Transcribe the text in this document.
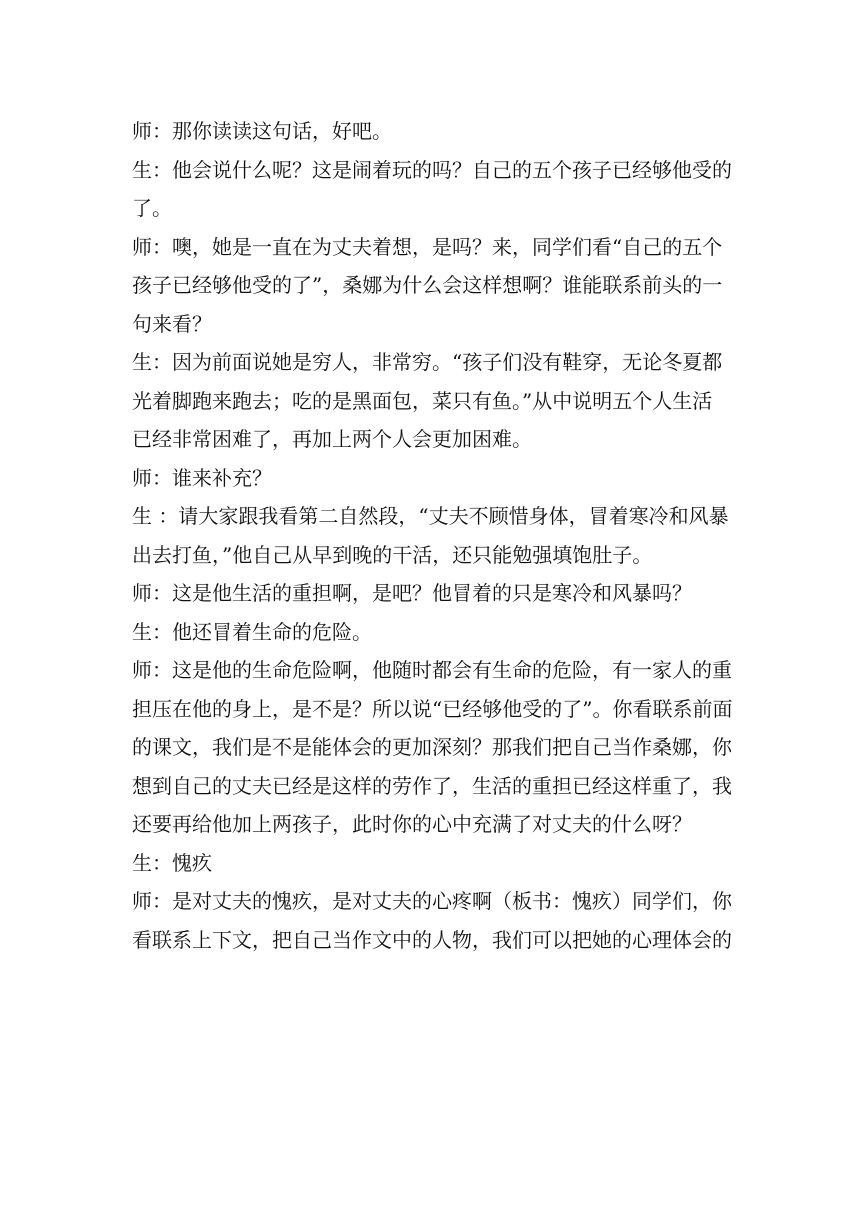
师：那你读读这句话，好吧。

生：他会说什么呢？这是闹着玩的吗？自己的五个孩子已经够他受的

了。

师：噢，她是一直在为丈夫着想，是吗？来，同学们看“自己的五个

孩子已经够他受的了”，桑娜为什么会这样想啊？谁能联系前头的一

句来看？

生：因为前面说她是穷人，非常穷。“孩子们没有鞋穿，无论冬夏都

光着脚跑来跑去；吃的是黑面包，菜只有鱼。”从中说明五个人生活

已经非常困难了，再加上两个人会更加困难。

师：谁来补充？

生 ：请大家跟我看第二自然段，“丈夫不顾惜身体，冒着寒冷和风暴

出去打鱼，”他自己从早到晚的干活，还只能勉强填饱肚子。

师：这是他生活的重担啊，是吧？他冒着的只是寒冷和风暴吗？

生：他还冒着生命的危险。

师：这是他的生命危险啊，他随时都会有生命的危险，有一家人的重

担压在他的身上，是不是？所以说“已经够他受的了”。你看联系前面

的课文，我们是不是能体会的更加深刻？那我们把自己当作桑娜，你

想到自己的丈夫已经是这样的劳作了，生活的重担已经这样重了，我

还要再给他加上两孩子，此时你的心中充满了对丈夫的什么呀？

生：愧疚

师：是对丈夫的愧疚，是对丈夫的心疼啊（板书：愧疚）同学们，你

看联系上下文，把自己当作文中的人物，我们可以把她的心理体会的
